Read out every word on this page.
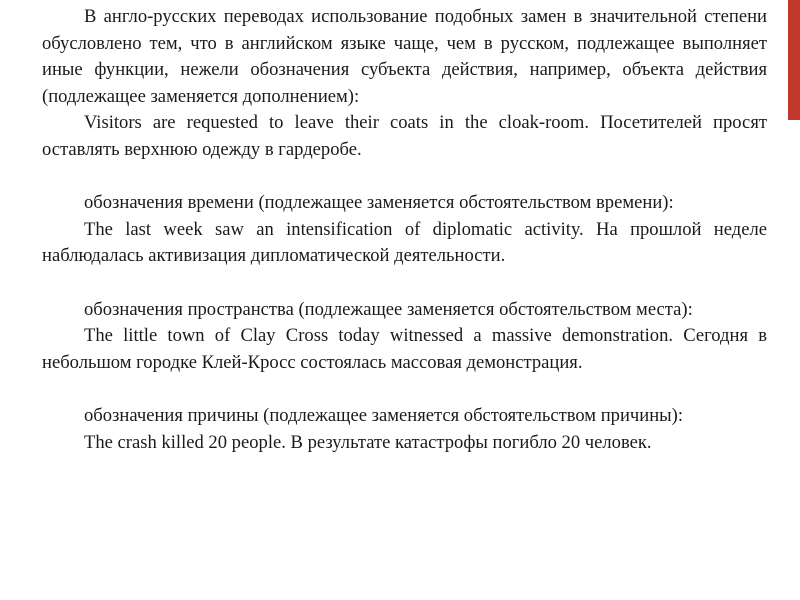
В англо-русских переводах использование подобных замен в значительной степени обусловлено тем, что в английском языке чаще, чем в русском, подлежащее выполняет иные функции, нежели обозначения субъекта действия, например, объекта действия (подлежащее заменяется дополнением):

Visitors are requested to leave their coats in the cloak-room. Посетителей просят оставлять верхнюю одежду в гардеробе.

обозначения времени (подлежащее заменяется обстоятельством времени):

The last week saw an intensification of diplomatic activity. На прошлой неделе наблюдалась активизация дипломатической деятельности.

обозначения пространства (подлежащее заменяется обстоятельством места):

The little town of Clay Cross today witnessed a massive demonstration. Сегодня в небольшом городке Клей-Кросс состоялась массовая демонстрация.

обозначения причины (подлежащее заменяется обстоятельством причины):

The crash killed 20 people. В результате катастрофы погибло 20 человек.
